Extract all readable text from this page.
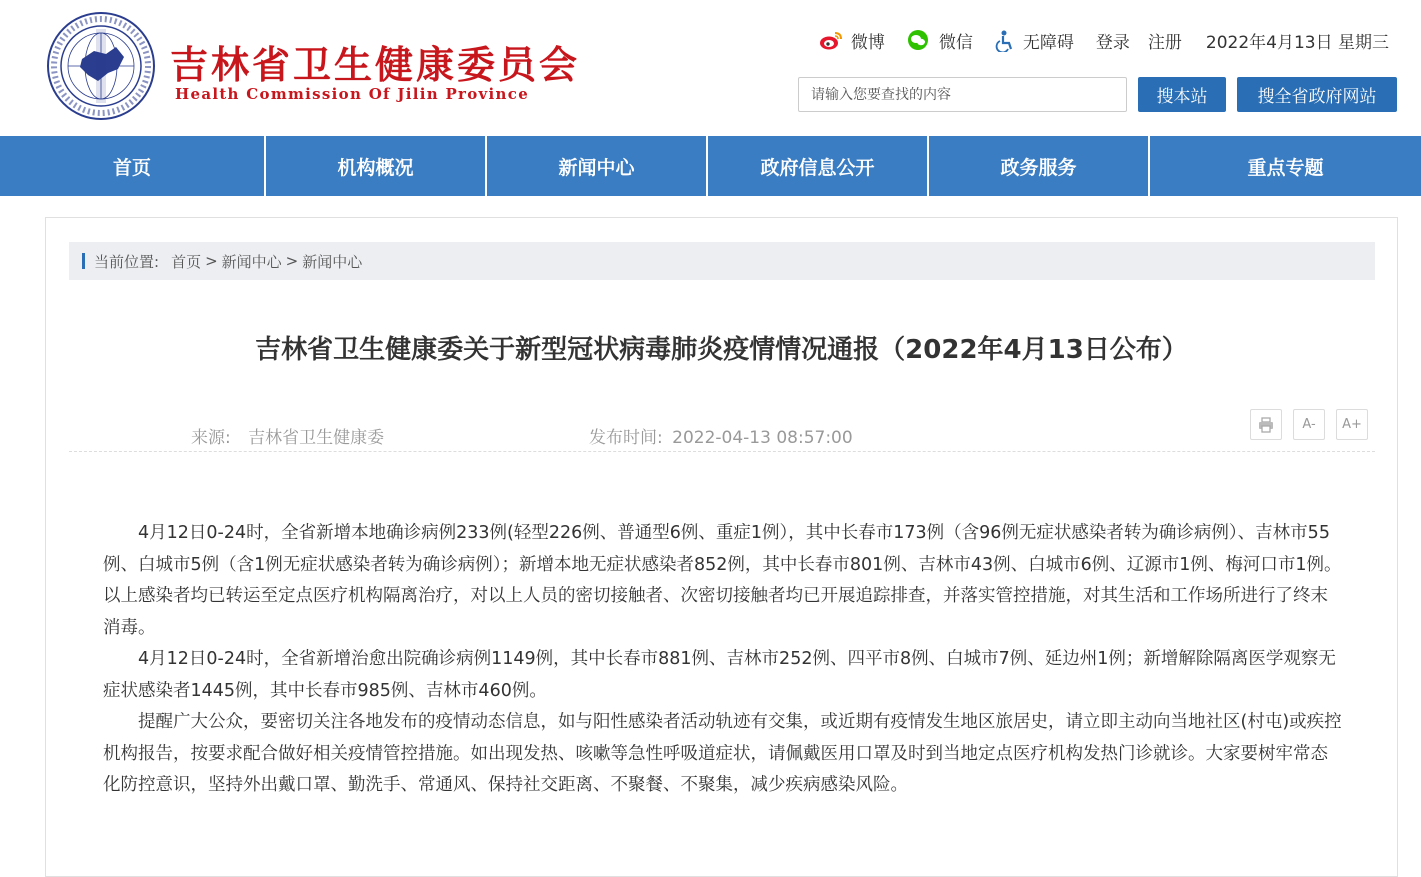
吉林省卫生健康委员会
Health Commission Of Jilin Province
微博	微信	无障碍 登录 注册 2022年4月13日 星期三
请输入您要查找的内容
搜本站	搜全省政府网站
首页	机构概况	新闻中心	政府信息公开	政务服务	重点专题
当前位置: 首页 > 新闻中心 > 新闻中心
吉林省卫生健康委关于新型冠状病毒肺炎疫情情况通报（2022年4月13日公布）
来源: 吉林省卫生健康委	发布时间: 2022-04-13 08:57:00
A-	A+

4月12日0-24时，全省新增本地确诊病例233例(轻型226例、普通型6例、重症1例），其中长春市173例（含96例无症状感染者转为确诊病例）、吉林市55例、白城市5例（含1例无症状感染者转为确诊病例）；新增本地无症状感染者852例，其中长春市801例、吉林市43例、白城市6例、辽源市1例、梅河口市1例。以上感染者均已转运至定点医疗机构隔离治疗，对以上人员的密切接触者、次密切接触者均已开展追踪排查，并落实管控措施，对其生活和工作场所进行了终末消毒。

4月12日0-24时，全省新增治愈出院确诊病例1149例，其中长春市881例、吉林市252例、四平市8例、白城市7例、延边州1例；新增解除隔离医学观察无症状感染者1445例，其中长春市985例、吉林市460例。

提醒广大公众，要密切关注各地发布的疫情动态信息，如与阳性感染者活动轨迹有交集，或近期有疫情发生地区旅居史，请立即主动向当地社区(村屯)或疾控机构报告，按要求配合做好相关疫情管控措施。如出现发热、咳嗽等急性呼吸道症状，请佩戴医用口罩及时到当地定点医疗机构发热门诊就诊。大家要树牢常态化防控意识，坚持外出戴口罩、勤洗手、常通风、保持社交距离、不聚餐、不聚集，减少疾病感染风险。
